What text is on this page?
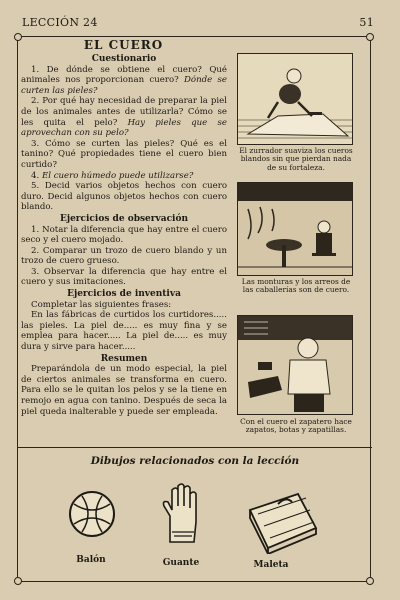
LECCIÓN 24	51
EL CUERO
Cuestionario

1. De dónde se obtiene el cuero? Qué animales nos proporcionan cuero? Dónde se curten las pieles?

2. Por qué hay necesidad de preparar la piel de los animales antes de utilizarla? Cómo se les quita el pelo? Hay pieles que se aprovechan con su pelo?

3. Cómo se curten las pieles? Qué es el tanino? Qué propiedades tiene el cuero bien curtido?

4. El cuero húmedo puede utilizarse?

5. Decid varios objetos hechos con cuero duro. Decid algunos objetos hechos con cuero blando.

Ejercicios de observación

1. Notar la diferencia que hay entre el cuero seco y el cuero mojado.

2. Comparar un trozo de cuero blando y un trozo de cuero grueso.

3. Observar la diferencia que hay entre el cuero y sus imitaciones.

Ejercicios de inventiva

Completar las siguientes frases:

En las fábricas de curtidos los curtidores..... las pieles. La piel de..... es muy fina y se emplea para hacer..... La piel de..... es muy dura y sirve para hacer.....

Resumen

Preparándola de un modo especial, la piel de ciertos animales se transforma en cuero. Para ello se le quitan los pelos y se la tiene en remojo en agua con tanino. Después de seca la piel queda inalterable y puede ser empleada.

El zurrador suaviza los cueros blandos sin que pierdan nada de su fortaleza.
Las monturas y los arreos de las caballerías son de cuero.
Con el cuero el zapatero hace zapatos, botas y zapatillas.
Dibujos relacionados con la lección
Balón	Guante	Maleta
